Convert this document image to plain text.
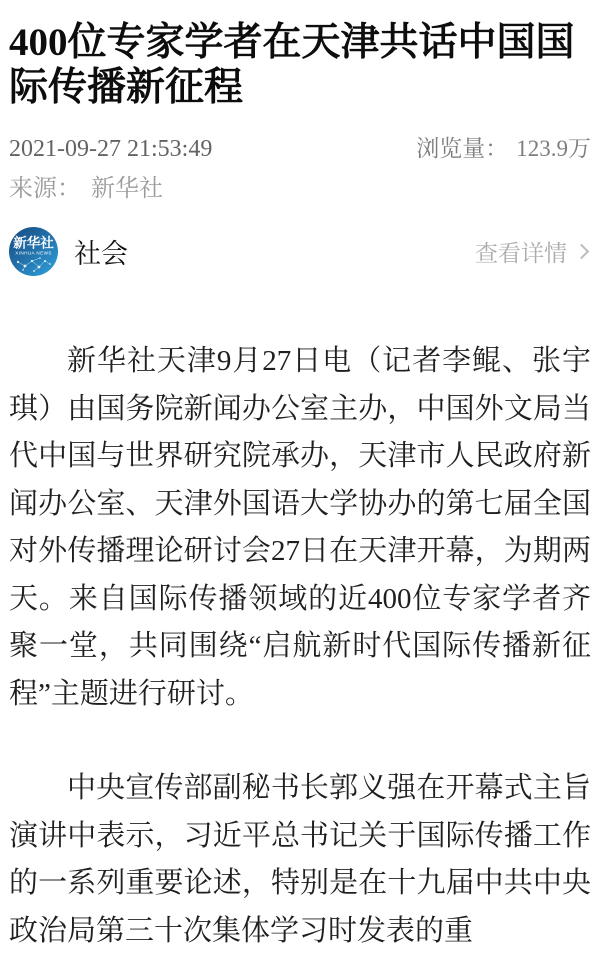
400位专家学者在天津共话中国国际传播新征程
2021-09-27 21:53:49	浏览量： 123.9万
来源： 新华社
新华社
XINHUA NEWS 社会	查看详情

新华社天津9月27日电（记者李鲲、张宇琪）由国务院新闻办公室主办，中国外文局当代中国与世界研究院承办，天津市人民政府新闻办公室、天津外国语大学协办的第七届全国对外传播理论研讨会27日在天津开幕，为期两天。来自国际传播领域的近400位专家学者齐聚一堂，共同围绕“启航新时代国际传播新征程”主题进行研讨。

中央宣传部副秘书长郭义强在开幕式主旨演讲中表示，习近平总书记关于国际传播工作的一系列重要论述，特别是在十九届中共中央政治局第三十次集体学习时发表的重
